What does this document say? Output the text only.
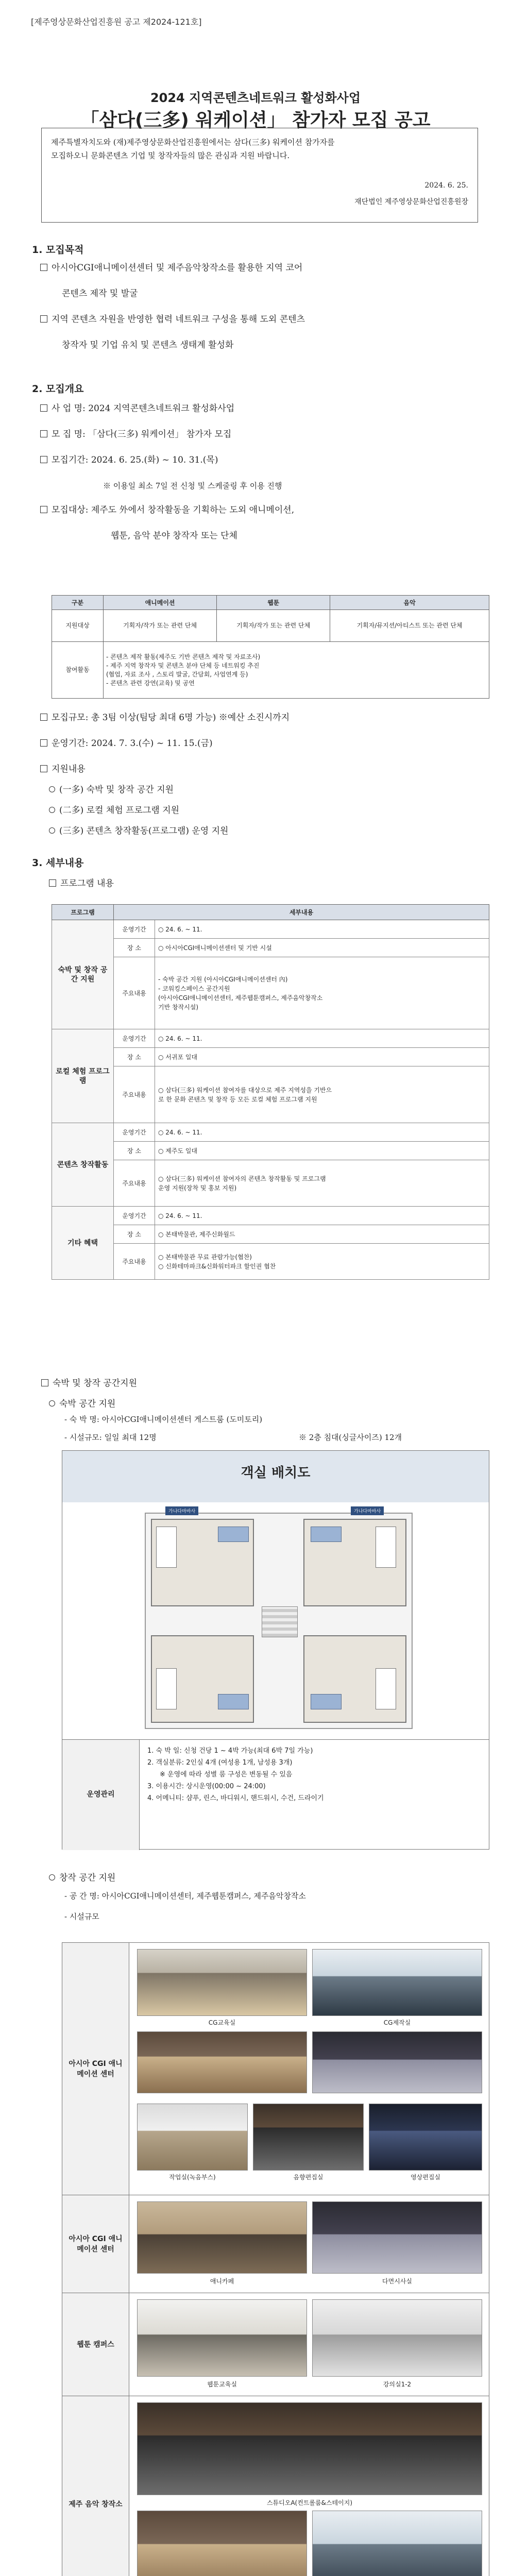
[제주영상문화산업진흥원 공고 제2024-121호]
2024 지역콘텐츠네트워크 활성화사업
「삼다(三多) 워케이션」 참가자 모집 공고
제주특별자치도와 (재)제주영상문화산업진흥원에서는 삼다(三多) 워케이션 참가자를
모집하오니 문화콘텐츠 기업 및 창작자들의 많은 관심과 지원 바랍니다.
2024. 6. 25.
재단법인 제주영상문화산업진흥원장
1. 모집목적
아시아CGI애니메이션센터 및 제주음악창작소를 활용한 지역 코어
콘텐츠 제작 및 발굴
지역 콘텐츠 자원을 반영한 협력 네트워크 구성을 통해 도외 콘텐츠
창작자 및 기업 유치 및 콘텐츠 생태계 활성화
2. 모집개요
사 업 명: 2024 지역콘텐츠네트워크 활성화사업
모 집 명: 「삼다(三多) 워케이션」 참가자 모집
모집기간: 2024. 6. 25.(화) ~ 10. 31.(목)
※ 이용일 최소 7일 전 신청 및 스케줄링 후 이용 진행
모집대상: 제주도 外에서 창작활동을 기획하는 도외 애니메이션,
웹툰, 음악 분야 창작자 또는 단체
구분	애니메이션	웹툰	음악
지원대상	기획자/작가 또는 관련 단체	기획자/작가 또는 관련 단체	기획자/뮤지션/아티스트 또는 관련 단체
참여활동	- 콘텐츠 제작 활동(제주도 기반 콘텐츠 제작 및 자료조사)
- 제주 지역 창작자 및 콘텐츠 분야 단체 등 네트워킹 추진
(협업, 자료 조사 , 스토리 발굴, 간담회, 사업연계 등)
- 콘텐츠 관련 강연(교육) 및 공연		
모집규모: 총 3팀 이상(팀당 최대 6명 가능) ※예산 소진시까지
운영기간: 2024. 7. 3.(수) ~ 11. 15.(금)
지원내용
(一多) 숙박 및 창작 공간 지원
(二多) 로컬 체험 프로그램 지원
(三多) 콘텐츠 창작활동(프로그램) 운영 지원
3. 세부내용
프로그램 내용
프로그램	세부내용	
숙박 및 창작 공간 지원	운영기간	○ 24. 6. ~ 11.
	장 소	○ 아시아CGI애니메이션센터 및 기반 시설
	주요내용	- 숙박 공간 지원 (아시아CGI애니메이션센터 內)
- 코워킹스페이스 공간지원
(아시아CGI애니메이션센터, 제주웹툰캠퍼스, 제주음악창작소
기반 창작시설)

로컬 체험 프로그램	운영기간	○ 24. 6. ~ 11.
	장 소	○ 서귀포 일대
	주요내용	○ 삼다(三多) 워케이션 참여자를 대상으로 제주 지역성을 기반으
로 한 문화 콘텐츠 및 창작 등 모든 로컬 체험 프로그램 지원

콘텐츠 창작활동	운영기간	○ 24. 6. ~ 11.
	장 소	○ 제주도 일대
	주요내용	○ 삼다(三多) 워케이션 참여자의 콘텐츠 창작활동 및 프로그램
운영 지원(장착 및 홍보 지원)

기타 혜택	운영기간	○ 24. 6. ~ 11.
	장 소	○ 본태박물관, 제주신화월드
	주요내용	○ 본태박물관 무료 관람가능(협찬)
○ 신화테마파크&신화워터파크 할인권 협찬
숙박 및 창작 공간지원
숙박 공간 지원
- 숙 박 명: 아시아CGI애니메이션센터 게스트룸 (도미토리)
- 시설규모: 일일 최대 12명	※ 2층 침대(싱글사이즈) 12개
객실 배치도
가나다마바사	가나다마바사
운영관리
1. 숙 박 일: 신청 건당 1 ~ 4박 가능(최대 6박 7일 가능)
2. 객실분류: 2인실 4개 (여성용 1개, 남성용 3개)
※ 운영에 따라 성별 룸 구성은 변동될 수 있음
3. 이용시간: 상시운영(00:00 ~ 24:00)
4. 어메니티: 샴푸, 린스, 바디워시, 핸드워시, 수건, 드라이기
창작 공간 지원
- 공 간 명: 아시아CGI애니메이션센터, 제주웹툰캠퍼스, 제주음악창작소
- 시설규모
아시아 CGI 애니메이션 센터
CG교육실	CG제작실
작업실(녹음부스)	음향편집실	영상편집실
아시아 CGI 애니메이션 센터
애니카페	다면시사실
웹툰 캠퍼스
웹툰교육실	강의실1-2
제주 음악 창작소	스튜디오A(컨트롤룸&스테이지)
